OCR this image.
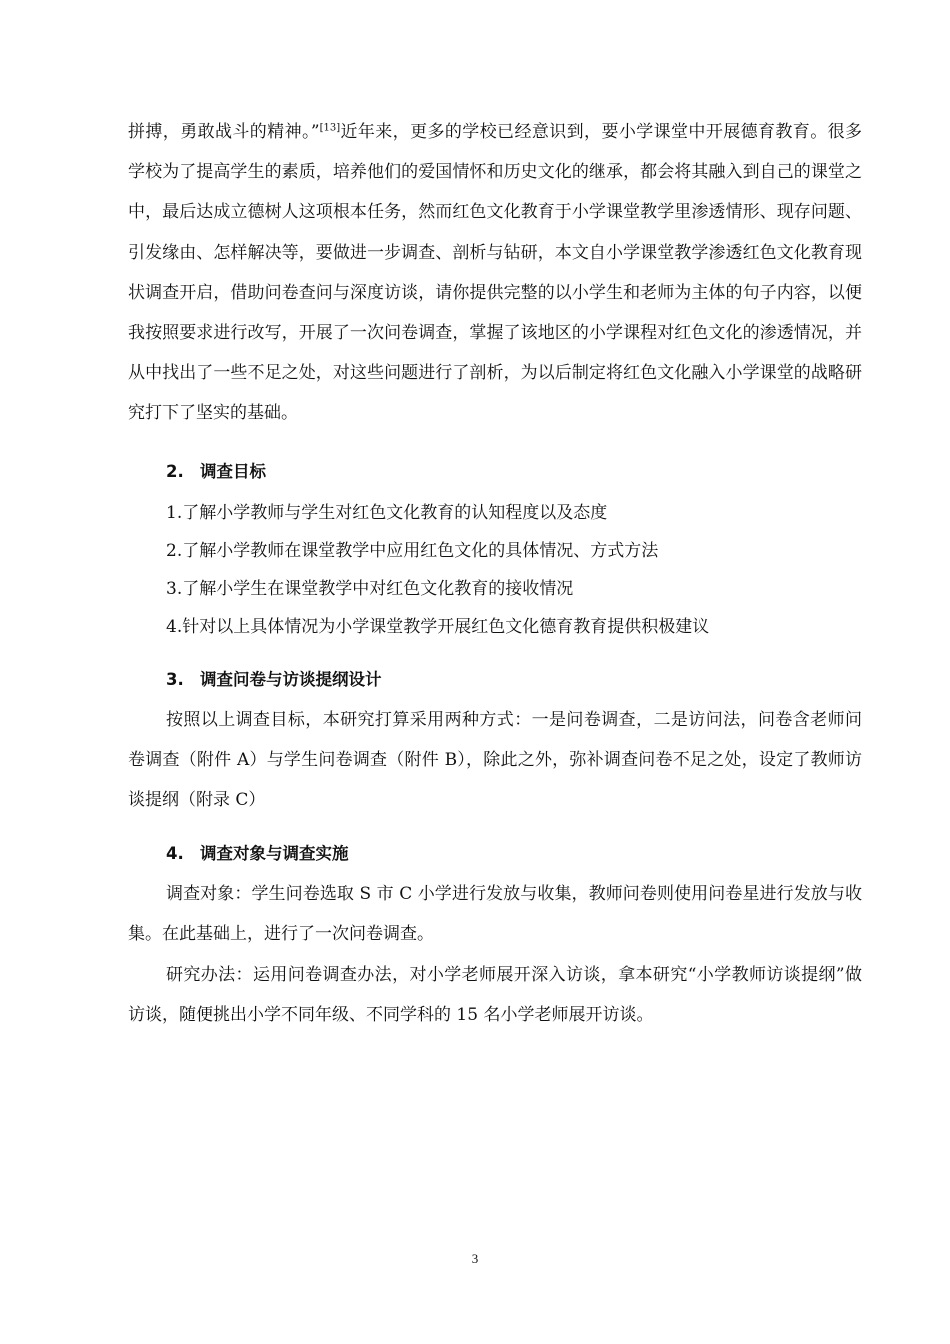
拼搏，勇敢战斗的精神。”[13]近年来，更多的学校已经意识到，要小学课堂中开展德育教育。很多学校为了提高学生的素质，培养他们的爱国情怀和历史文化的继承，都会将其融入到自己的课堂之中，最后达成立德树人这项根本任务，然而红色文化教育于小学课堂教学里渗透情形、现存问题、引发缘由、怎样解决等，要做进一步调查、剖析与钻研，本文自小学课堂教学渗透红色文化教育现状调查开启，借助问卷查问与深度访谈，请你提供完整的以小学生和老师为主体的句子内容，以便我按照要求进行改写，开展了一次问卷调查，掌握了该地区的小学课程对红色文化的渗透情况，并从中找出了一些不足之处，对这些问题进行了剖析，为以后制定将红色文化融入小学课堂的战略研究打下了坚实的基础。

2. 调查目标

1.了解小学教师与学生对红色文化教育的认知程度以及态度

2.了解小学教师在课堂教学中应用红色文化的具体情况、方式方法

3.了解小学生在课堂教学中对红色文化教育的接收情况

4.针对以上具体情况为小学课堂教学开展红色文化德育教育提供积极建议

3. 调查问卷与访谈提纲设计

按照以上调查目标，本研究打算采用两种方式：一是问卷调查，二是访问法，问卷含老师问卷调查（附件 A）与学生问卷调查（附件 B），除此之外，弥补调查问卷不足之处，设定了教师访谈提纲（附录 C）

4. 调查对象与调查实施

调查对象：学生问卷选取 S 市 C 小学进行发放与收集，教师问卷则使用问卷星进行发放与收集。在此基础上，进行了一次问卷调查。

研究办法：运用问卷调查办法，对小学老师展开深入访谈，拿本研究“小学教师访谈提纲”做访谈，随便挑出小学不同年级、不同学科的 15 名小学老师展开访谈。

3
